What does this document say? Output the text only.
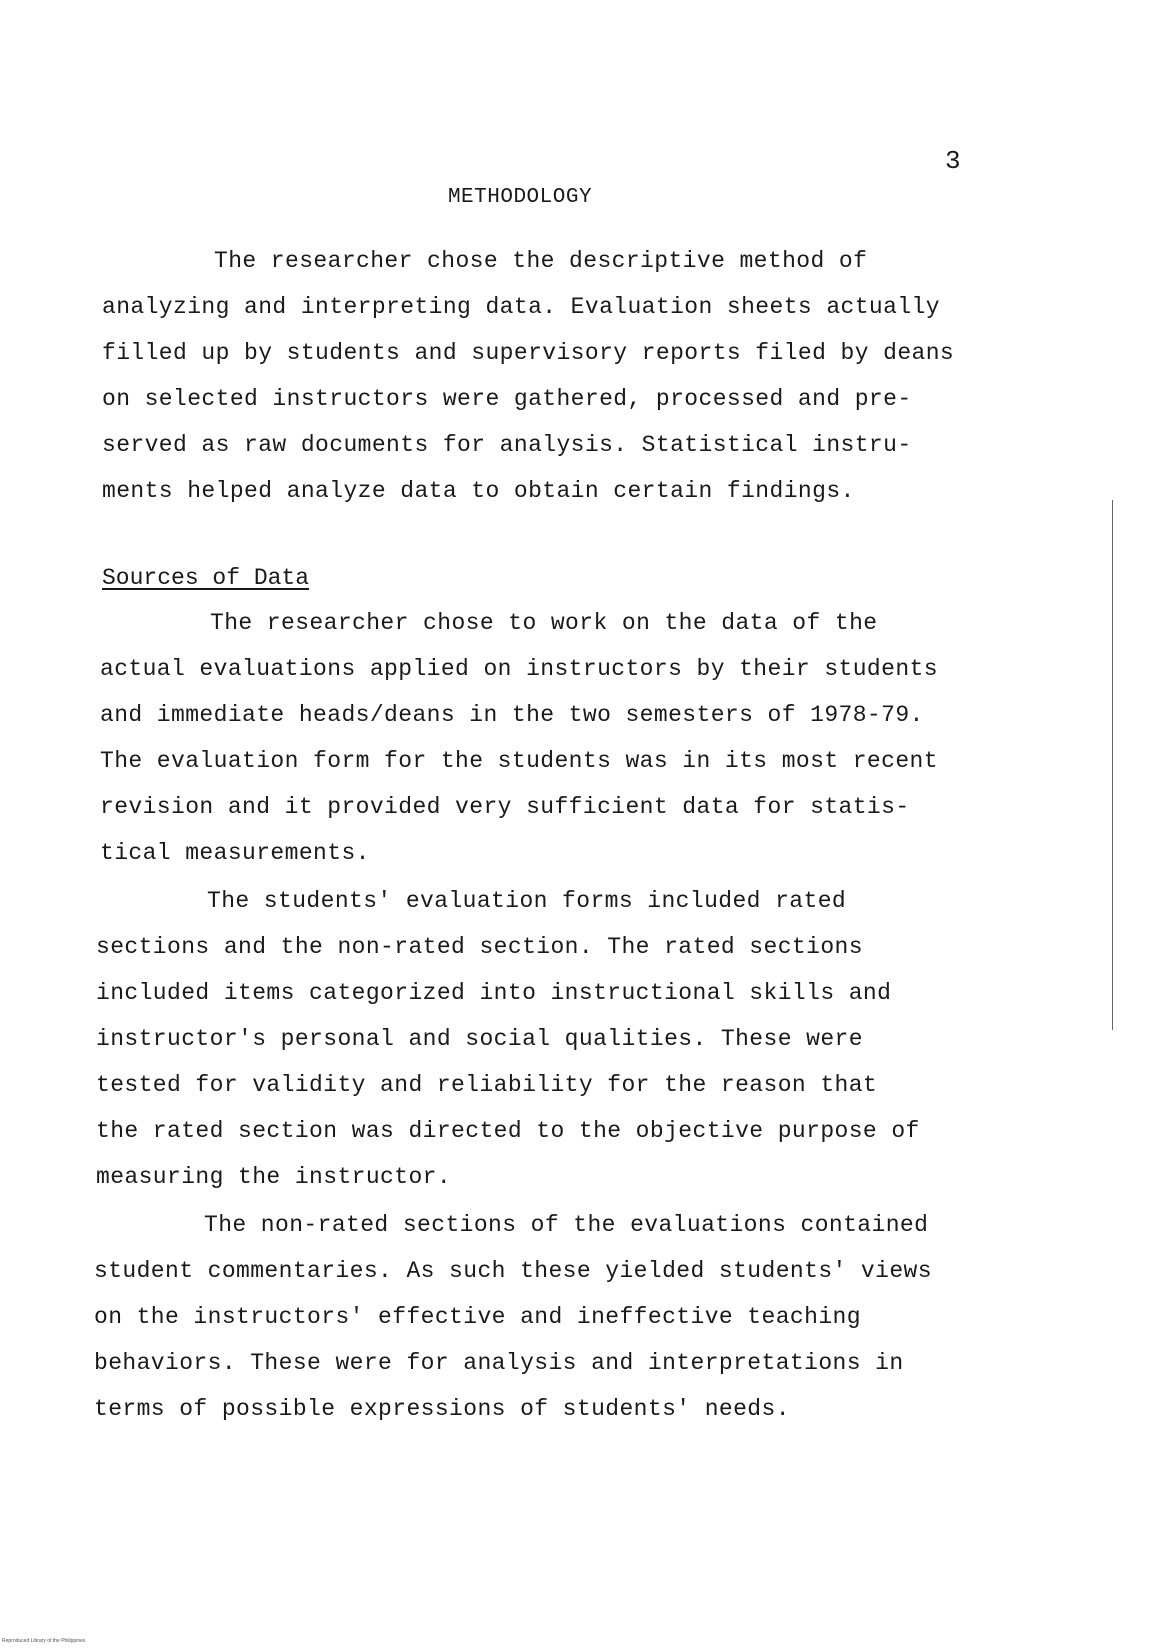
3
METHODOLOGY
The researcher chose the descriptive method of
analyzing and interpreting data. Evaluation sheets actually
filled up by students and supervisory reports filed by deans
on selected instructors were gathered, processed and pre-
served as raw documents for analysis. Statistical instru-
ments helped analyze data to obtain certain findings.
Sources of Data
The researcher chose to work on the data of the
actual evaluations applied on instructors by their students
and immediate heads/deans in the two semesters of 1978-79.
The evaluation form for the students was in its most recent
revision and it provided very sufficient data for statis-
tical measurements.
The students' evaluation forms included rated
sections and the non-rated section. The rated sections
included items categorized into instructional skills and
instructor's personal and social qualities. These were
tested for validity and reliability for the reason that
the rated section was directed to the objective purpose of
measuring the instructor.
The non-rated sections of the evaluations contained
student commentaries. As such these yielded students' views
on the instructors' effective and ineffective teaching
behaviors. These were for analysis and interpretations in
terms of possible expressions of students' needs.
Reproduced Library of the Philippines
